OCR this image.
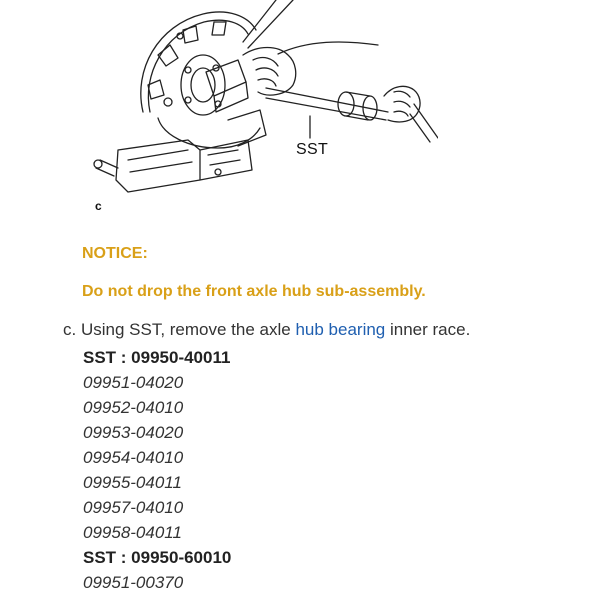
SST
c
NOTICE:
Do not drop the front axle hub sub-assembly.
c. Using SST, remove the axle hub bearing inner race.
SST : 09950-40011
09951-04020
09952-04010
09953-04020
09954-04010
09955-04011
09957-04010
09958-04011
SST : 09950-60010
09951-00370
